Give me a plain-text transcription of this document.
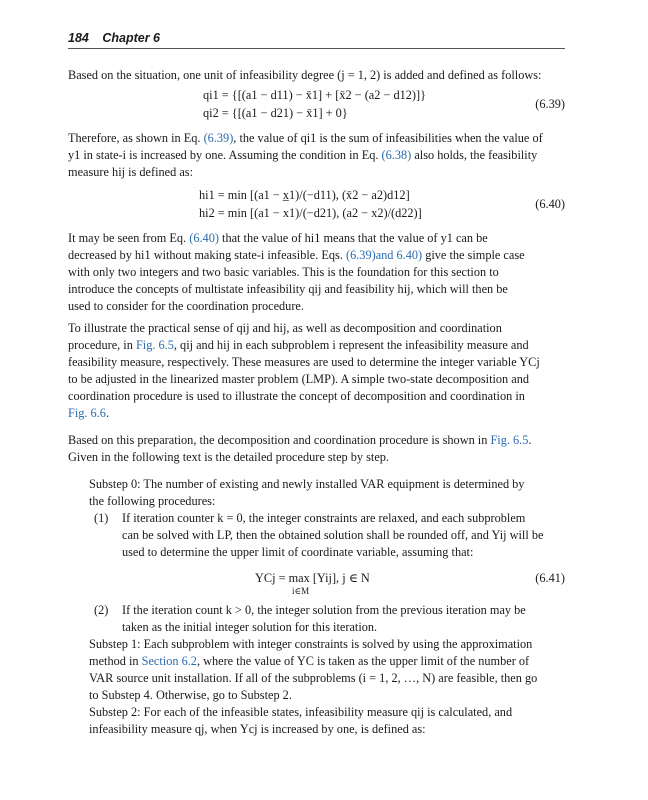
184 Chapter 6
Based on the situation, one unit of infeasibility degree (j = 1, 2) is added and defined as follows:
qi1 = {[(a1 − d11) − x̄1] + [x̄2 − (a2 − d12)]}
qi2 = {[(a1 − d21) − x̄1] + 0}
(6.39)
Therefore, as shown in Eq. (6.39), the value of qi1 is the sum of infeasibilities when the value of
y1 in state-i is increased by one. Assuming the condition in Eq. (6.38) also holds, the feasibility
measure hij is defined as:
hi1 = min [(a1 − x̲1)/(−d11), (x̄2 − a2)d12]
hi2 = min [(a1 − x1)/(−d21), (a2 − x2)/(d22)]
(6.40)
It may be seen from Eq. (6.40) that the value of hi1 means that the value of y1 can be
decreased by hi1 without making state-i infeasible. Eqs. (6.39)and 6.40) give the simple case
with only two integers and two basic variables. This is the foundation for this section to
introduce the concepts of multistate infeasibility qij and feasibility hij, which will then be
used to consider for the coordination procedure.
To illustrate the practical sense of qij and hij, as well as decomposition and coordination
procedure, in Fig. 6.5, qij and hij in each subproblem i represent the infeasibility measure and
feasibility measure, respectively. These measures are used to determine the integer variable YCj
to be adjusted in the linearized master problem (LMP). A simple two-state decomposition and
coordination procedure is used to illustrate the concept of decomposition and coordination in
Fig. 6.6.
Based on this preparation, the decomposition and coordination procedure is shown in Fig. 6.5.
Given in the following text is the detailed procedure step by step.
Substep 0: The number of existing and newly installed VAR equipment is determined by
the following procedures:
(1) If iteration counter k = 0, the integer constraints are relaxed, and each subproblem
can be solved with LP, then the obtained solution shall be rounded off, and Yij will be
used to determine the upper limit of coordinate variable, assuming that:
YCj = max [Yij], j ∈ N
i∈M
(6.41)
(2) If the iteration count k > 0, the integer solution from the previous iteration may be
taken as the initial integer solution for this iteration.
Substep 1: Each subproblem with integer constraints is solved by using the approximation
method in Section 6.2, where the value of YC is taken as the upper limit of the number of
VAR source unit installation. If all of the subproblems (i = 1, 2, …, N) are feasible, then go
to Substep 4. Otherwise, go to Substep 2.
Substep 2: For each of the infeasible states, infeasibility measure qij is calculated, and
infeasibility measure qj, when Ycj is increased by one, is defined as:
